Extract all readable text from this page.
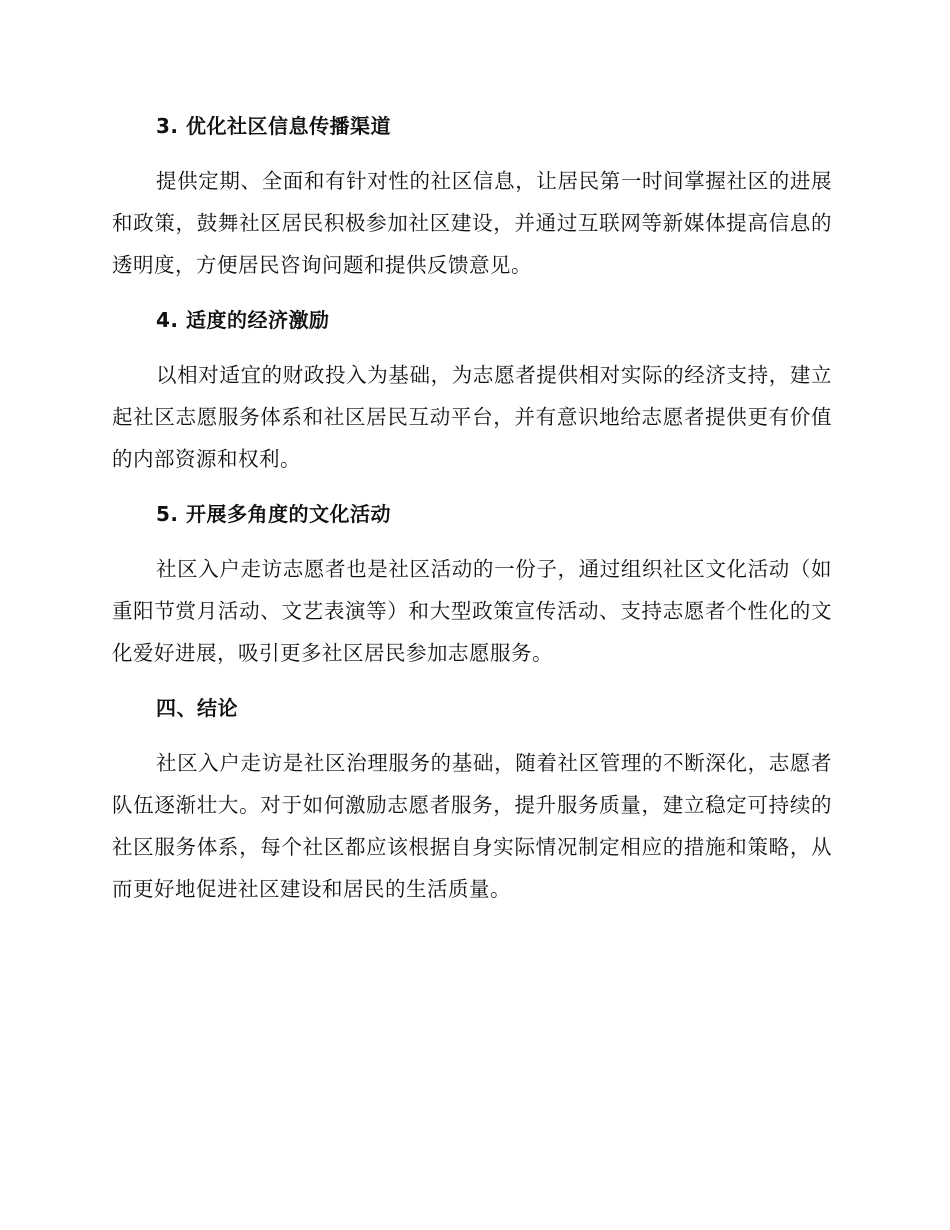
3. 优化社区信息传播渠道
提供定期、全面和有针对性的社区信息，让居民第一时间掌握社区的进展和政策，鼓舞社区居民积极参加社区建设，并通过互联网等新媒体提高信息的透明度，方便居民咨询问题和提供反馈意见。
4. 适度的经济激励
以相对适宜的财政投入为基础，为志愿者提供相对实际的经济支持，建立起社区志愿服务体系和社区居民互动平台，并有意识地给志愿者提供更有价值的内部资源和权利。
5. 开展多角度的文化活动
社区入户走访志愿者也是社区活动的一份子，通过组织社区文化活动（如重阳节赏月活动、文艺表演等）和大型政策宣传活动、支持志愿者个性化的文化爱好进展，吸引更多社区居民参加志愿服务。
四、结论
社区入户走访是社区治理服务的基础，随着社区管理的不断深化，志愿者队伍逐渐壮大。对于如何激励志愿者服务，提升服务质量，建立稳定可持续的社区服务体系，每个社区都应该根据自身实际情况制定相应的措施和策略，从而更好地促进社区建设和居民的生活质量。
